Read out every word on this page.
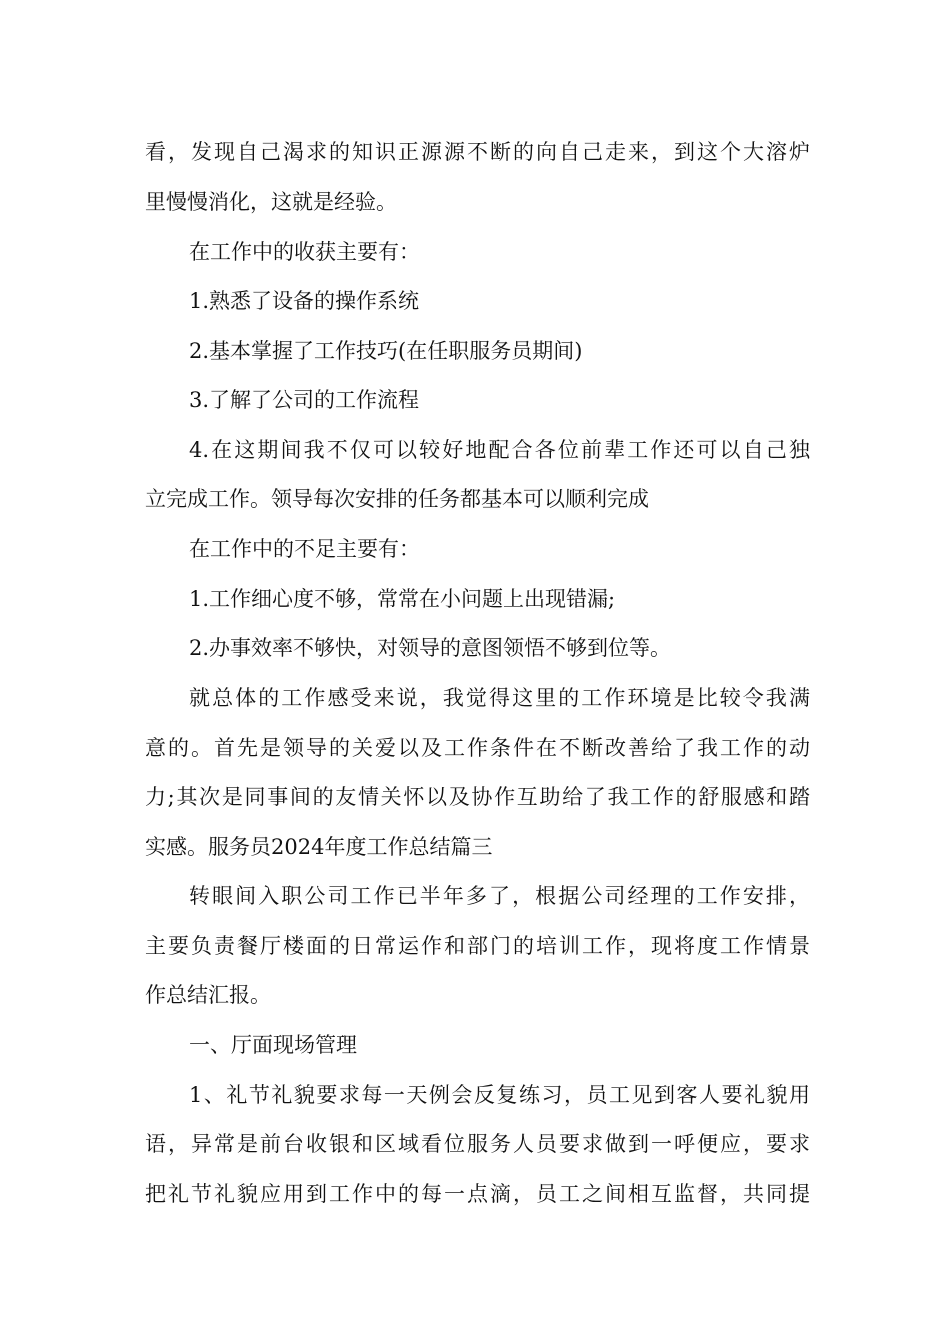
看，发现自己渴求的知识正源源不断的向自己走来，到这个大溶炉
里慢慢消化，这就是经验。
在工作中的收获主要有：
1.熟悉了设备的操作系统
2.基本掌握了工作技巧(在任职服务员期间)
3.了解了公司的工作流程
4.在这期间我不仅可以较好地配合各位前辈工作还可以自己独
立完成工作。领导每次安排的任务都基本可以顺利完成
在工作中的不足主要有：
1.工作细心度不够，常常在小问题上出现错漏;
2.办事效率不够快，对领导的意图领悟不够到位等。
就总体的工作感受来说，我觉得这里的工作环境是比较令我满
意的。首先是领导的关爱以及工作条件在不断改善给了我工作的动
力;其次是同事间的友情关怀以及协作互助给了我工作的舒服感和踏
实感。服务员2024年度工作总结篇三
转眼间入职公司工作已半年多了，根据公司经理的工作安排，
主要负责餐厅楼面的日常运作和部门的培训工作，现将度工作情景
作总结汇报。
一、厅面现场管理
1、礼节礼貌要求每一天例会反复练习，员工见到客人要礼貌用
语，异常是前台收银和区域看位服务人员要求做到一呼便应，要求
把礼节礼貌应用到工作中的每一点滴，员工之间相互监督，共同提
